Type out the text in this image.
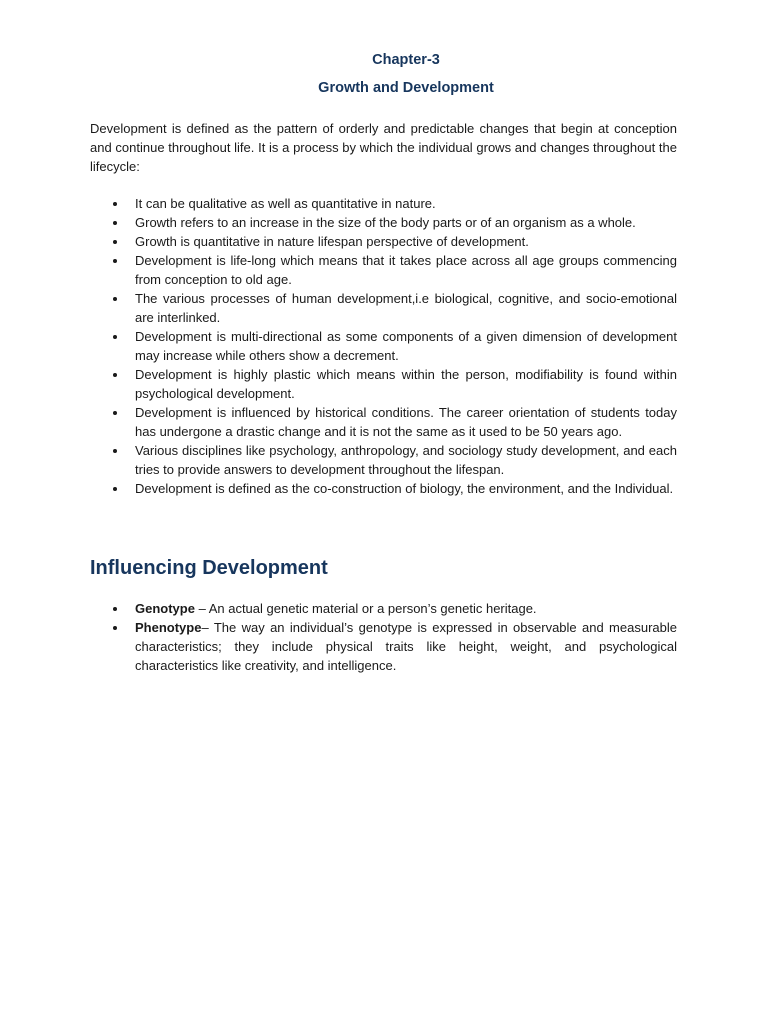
Chapter-3
Growth and Development

Development is defined as the pattern of orderly and predictable changes that begin at conception and continue throughout life. It is a process by which the individual grows and changes throughout the lifecycle:

It can be qualitative as well as quantitative in nature.
Growth refers to an increase in the size of the body parts or of an organism as a whole.
Growth is quantitative in nature lifespan perspective of development.
Development is life-long which means that it takes place across all age groups commencing from conception to old age.
The various processes of human development,i.e biological, cognitive, and socio-emotional are interlinked.
Development is multi-directional as some components of a given dimension of development may increase while others show a decrement.
Development is highly plastic which means within the person, modifiability is found within psychological development.
Development is influenced by historical conditions. The career orientation of students today has undergone a drastic change and it is not the same as it used to be 50 years ago.
Various disciplines like psychology, anthropology, and sociology study development, and each tries to provide answers to development throughout the lifespan.
Development is defined as the co-construction of biology, the environment, and the Individual.
Influencing Development
Genotype – An actual genetic material or a person’s genetic heritage.
Phenotype– The way an individual’s genotype is expressed in observable and measurable characteristics; they include physical traits like height, weight, and psychological characteristics like creativity, and intelligence.
